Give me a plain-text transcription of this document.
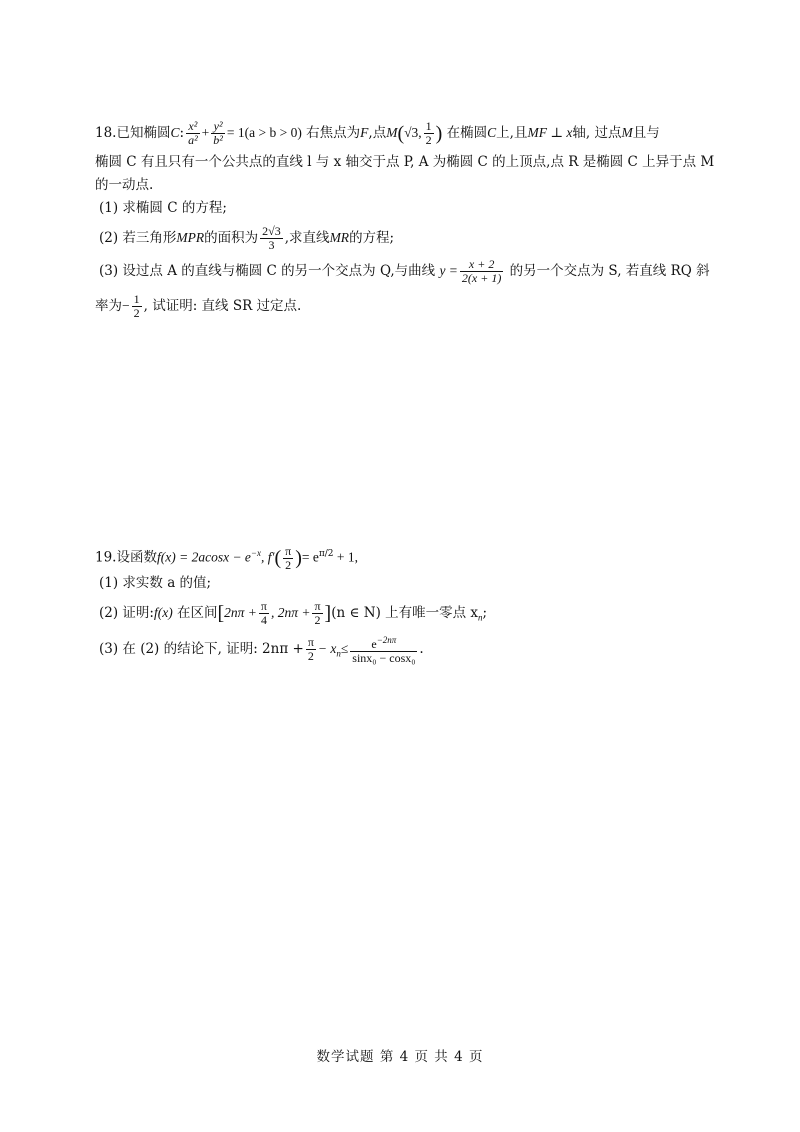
18.已知椭圆C: $\frac{\text{x²}}{\text{a²}} + \frac{\text{y²}}{\text{b²}} = 1(a > b > 0)$ 右焦点为F,点M(√3, $\frac{1}{2}$ ) 在椭圆C上,且MF ⊥ x轴, 过点M且与
椭圆 C 有且只有一个公共点的直线 l 与 x 轴交于点 P, A 为椭圆 C 的上顶点,点 R 是椭圆 C 上异于点 M
的一动点.
(1) 求椭圆 C 的方程;
(2) 若三角形MPR的面积为 $\frac{2√3}{3}$ ,求直线MR的方程;
(3) 设过点 A 的直线与椭圆 C 的另一个交点为 Q,与曲线 $y = \frac{x + 2}{2(x + 1)}$ 的另一个交点为 S, 若直线 RQ 斜
率为− $\frac{1}{2}$ , 试证明: 直线 SR 过定点.
19.设函数$f(x) = 2acosx - e^{-x}$, $f'( \frac{\pi}{2}$ )= $e^{\pi/2} + 1$,
(1) 求实数 a 的值;
(2) 证明:f(x) 在区间[$2n\pi + \frac{\pi}{4}$ , $2n\pi + \frac{\pi}{2} ](n$ ∈ N) 上有唯一零点 $x_n$;
(3) 在 (2) 的结论下, 证明: $2n\pi + \frac{\pi}{2} - x_n\le \frac{e^{-2n\pi}}{\text{sinx₀ − cosx₀}}$ .
数学试题 第 4 页 共 4 页
